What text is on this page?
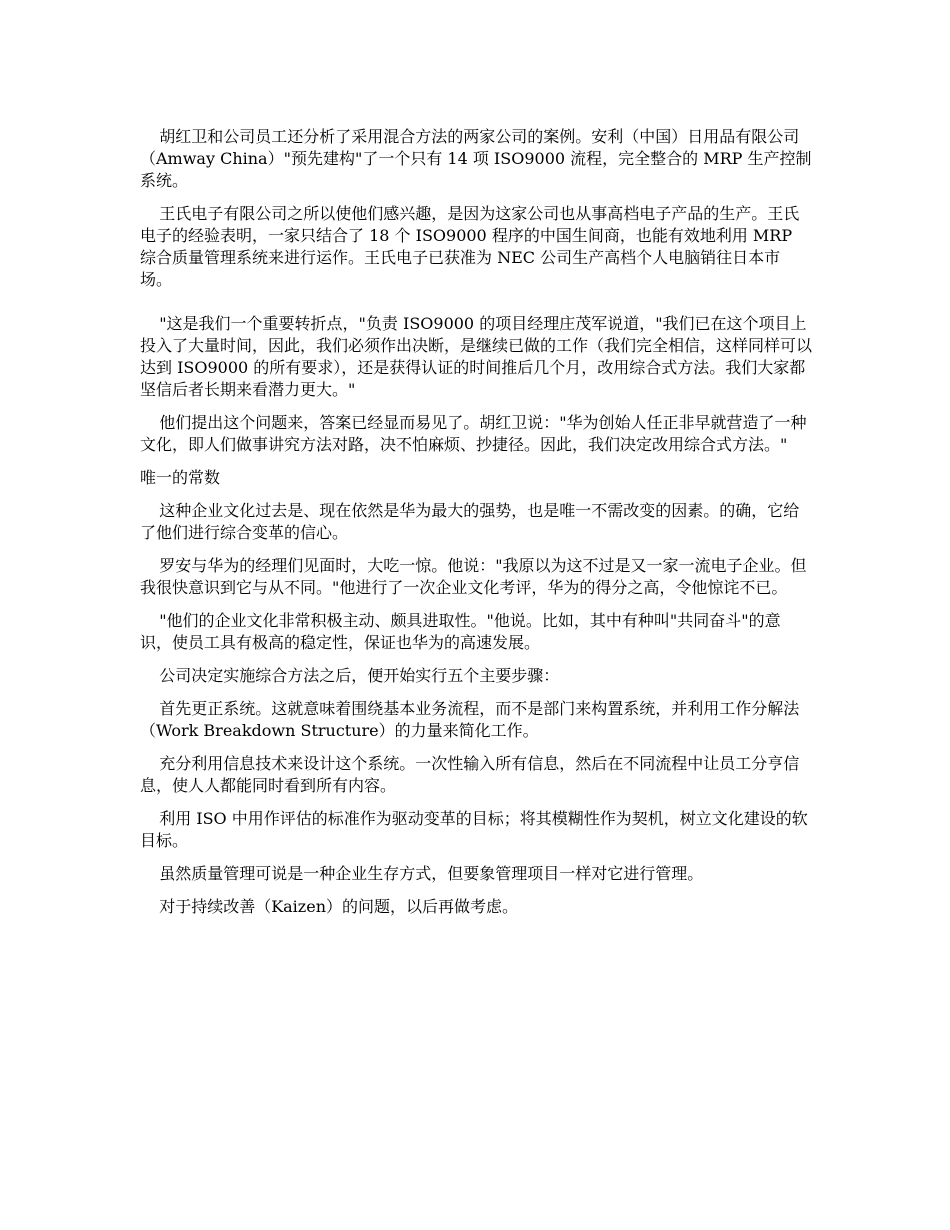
胡红卫和公司员工还分析了采用混合方法的两家公司的案例。安利（中国）日用品有限公司（Amway China）"预先建构"了一个只有 14 项 ISO9000 流程，完全整合的 MRP 生产控制系统。

王氏电子有限公司之所以使他们感兴趣，是因为这家公司也从事高档电子产品的生产。王氏电子的经验表明，一家只结合了 18 个 ISO9000 程序的中国生间商，也能有效地利用 MRP 综合质量管理系统来进行运作。王氏电子已获准为 NEC 公司生产高档个人电脑销往日本市场。

"这是我们一个重要转折点，"负责 ISO9000 的项目经理庄茂军说道，"我们已在这个项目上投入了大量时间，因此，我们必须作出决断，是继续已做的工作（我们完全相信，这样同样可以达到 ISO9000 的所有要求），还是获得认证的时间推后几个月，改用综合式方法。我们大家都坚信后者长期来看潜力更大。"

他们提出这个问题来，答案已经显而易见了。胡红卫说："华为创始人任正非早就营造了一种文化，即人们做事讲究方法对路，决不怕麻烦、抄捷径。因此，我们决定改用综合式方法。"

唯一的常数

这种企业文化过去是、现在依然是华为最大的强势，也是唯一不需改变的因素。的确，它给了他们进行综合变革的信心。

罗安与华为的经理们见面时，大吃一惊。他说："我原以为这不过是又一家一流电子企业。但我很快意识到它与从不同。"他进行了一次企业文化考评，华为的得分之高，令他惊诧不已。

"他们的企业文化非常积极主动、颇具进取性。"他说。比如，其中有种叫"共同奋斗"的意识，使员工具有极高的稳定性，保证也华为的高速发展。

公司决定实施综合方法之后，便开始实行五个主要步骤：

首先更正系统。这就意味着围绕基本业务流程，而不是部门来构置系统，并利用工作分解法（Work Breakdown Structure）的力量来简化工作。

充分利用信息技术来设计这个系统。一次性输入所有信息，然后在不同流程中让员工分亨信息，使人人都能同时看到所有内容。

利用 ISO 中用作评估的标准作为驱动变革的目标；将其模糊性作为契机，树立文化建设的软目标。

虽然质量管理可说是一种企业生存方式，但要象管理项目一样对它进行管理。

对于持续改善（Kaizen）的问题，以后再做考虑。
